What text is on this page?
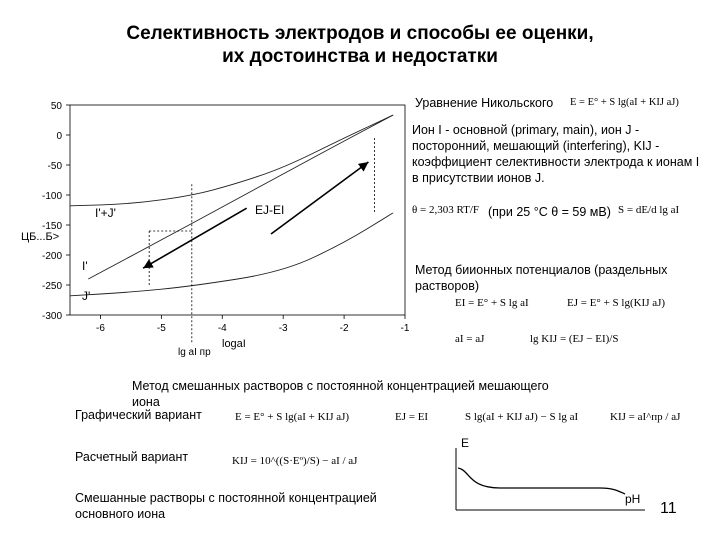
Селективность электродов и способы ее оценки,
их достоинства и недостатки
50
0
-50
-100
-150
-200
-250
-300
-6	-5	-4	-3	-2	-1
I'+J'
I'
J'
EJ-EI
ЦБ...Б>
lg aI пр
logaI
Уравнение Никольского E = E° + S lg(aI + KIJ aJ)
Ион I - основной (primary, main), ион J - посторонний, мешающий (interfering), KIJ - коэффициент селективности электрода к ионам I в присутствии ионов J.
θ = 2,303 RT/F (при 25 °С θ = 59 мВ) S = dE/d lg aI
Метод биионных потенциалов (раздельных растворов)
EI = E° + S lg aI	EJ = E° + S lg(KIJ aJ)
aI = aJ	lg KIJ = (EJ − EI)/S
Метод смешанных растворов с постоянной концентрацией мешающего иона
Графический вариант	E = E° + S lg(aI + KIJ aJ)	EJ = EI	S lg(aI + KIJ aJ) − S lg aI	KIJ = aI^пр / aJ
Расчетный вариант	KIJ = 10^((S·Eº)/S) − aI / aJ
Смешанные растворы с постоянной концентрацией основного иона
E
pH
11
